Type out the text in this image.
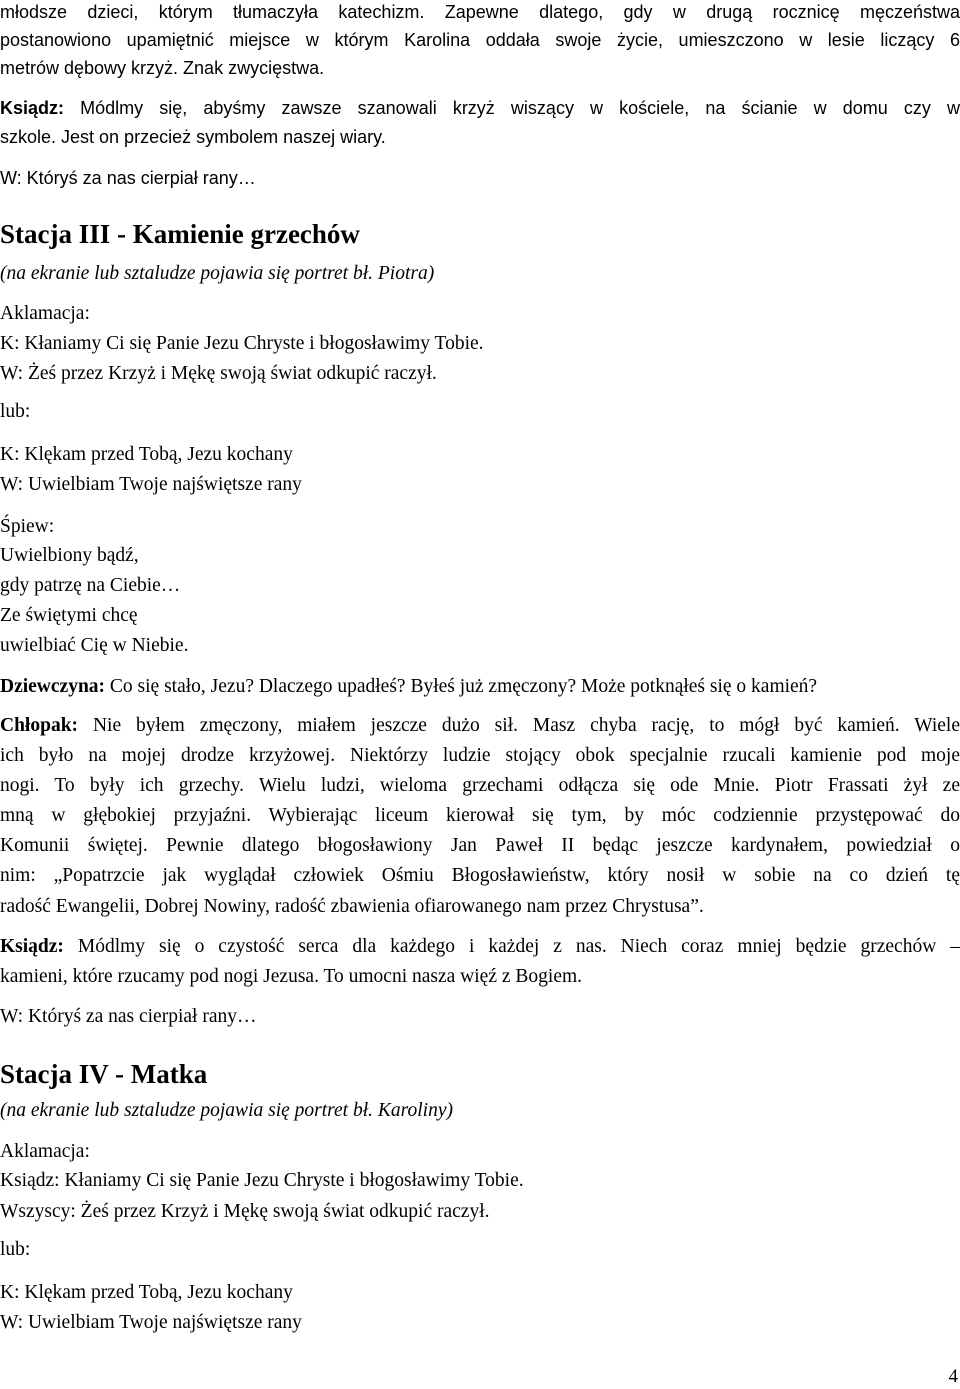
młodsze dzieci, którym tłumaczyła katechizm. Zapewne dlatego, gdy w drugą rocznicę męczeństwa
postanowiono upamiętnić miejsce w którym Karolina oddała swoje życie, umieszczono w lesie liczący 6
metrów dębowy krzyż. Znak zwycięstwa.
Ksiądz: Módlmy się, abyśmy zawsze szanowali krzyż wiszący w kościele, na ścianie w domu czy w
szkole. Jest on przecież symbolem naszej wiary.
W: Któryś za nas cierpiał rany…
Stacja III - Kamienie grzechów
(na ekranie lub sztaludze pojawia się portret bł. Piotra)
Aklamacja:
K: Kłaniamy Ci się Panie Jezu Chryste i błogosławimy Tobie.
W: Żeś przez Krzyż i Mękę swoją świat odkupić raczył.
lub:
K: Klękam przed Tobą, Jezu kochany
W: Uwielbiam Twoje najświętsze rany
Śpiew:
Uwielbiony bądź,
gdy patrzę na Ciebie…
Ze świętymi chcę
uwielbiać Cię w Niebie.
Dziewczyna: Co się stało, Jezu? Dlaczego upadłeś? Byłeś już zmęczony? Może potknąłeś się o kamień?
Chłopak: Nie byłem zmęczony, miałem jeszcze dużo sił. Masz chyba rację, to mógł być kamień. Wiele
ich było na mojej drodze krzyżowej. Niektórzy ludzie stojący obok specjalnie rzucali kamienie pod moje
nogi. To były ich grzechy. Wielu ludzi, wieloma grzechami odłącza się ode Mnie. Piotr Frassati żył ze
mną w głębokiej przyjaźni. Wybierając liceum kierował się tym, by móc codziennie przystępować do
Komunii świętej. Pewnie dlatego błogosławiony Jan Paweł II będąc jeszcze kardynałem, powiedział o
nim: „Popatrzcie jak wyglądał człowiek Ośmiu Błogosławieństw, który nosił w sobie na co dzień tę
radość Ewangelii, Dobrej Nowiny, radość zbawienia ofiarowanego nam przez Chrystusa”.
Ksiądz: Módlmy się o czystość serca dla każdego i każdej z nas. Niech coraz mniej będzie grzechów –
kamieni, które rzucamy pod nogi Jezusa. To umocni nasza więź z Bogiem.
W: Któryś za nas cierpiał rany…
Stacja IV - Matka
(na ekranie lub sztaludze pojawia się portret bł. Karoliny)
Aklamacja:
Ksiądz: Kłaniamy Ci się Panie Jezu Chryste i błogosławimy Tobie.
Wszyscy: Żeś przez Krzyż i Mękę swoją świat odkupić raczył.
lub:
K: Klękam przed Tobą, Jezu kochany
W: Uwielbiam Twoje najświętsze rany
4
